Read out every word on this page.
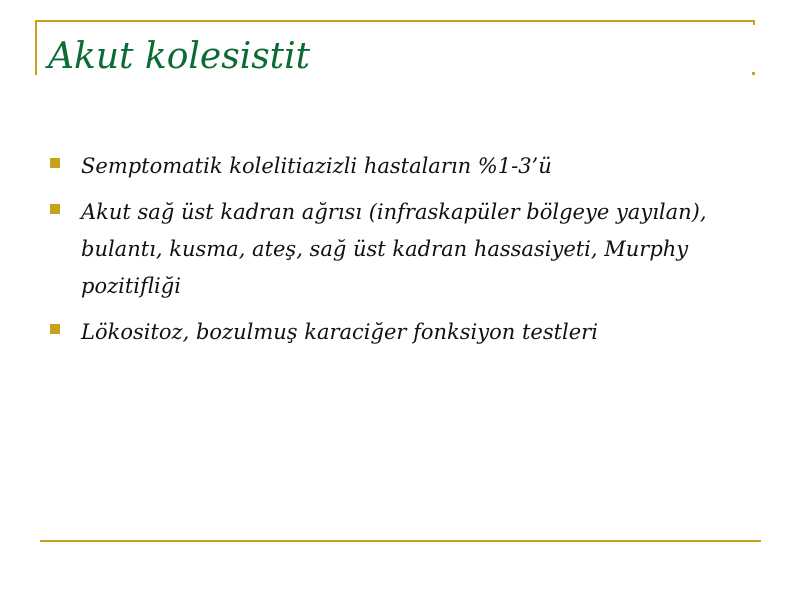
Akut kolesistit
Semptomatik kolelitiazizli hastaların %1-3’ü
Akut sağ üst kadran ağrısı (infraskapüler bölgeye yayılan), bulantı, kusma, ateş, sağ üst kadran hassasiyeti, Murphy pozitifliği
Lökositoz, bozulmuş karaciğer fonksiyon testleri
